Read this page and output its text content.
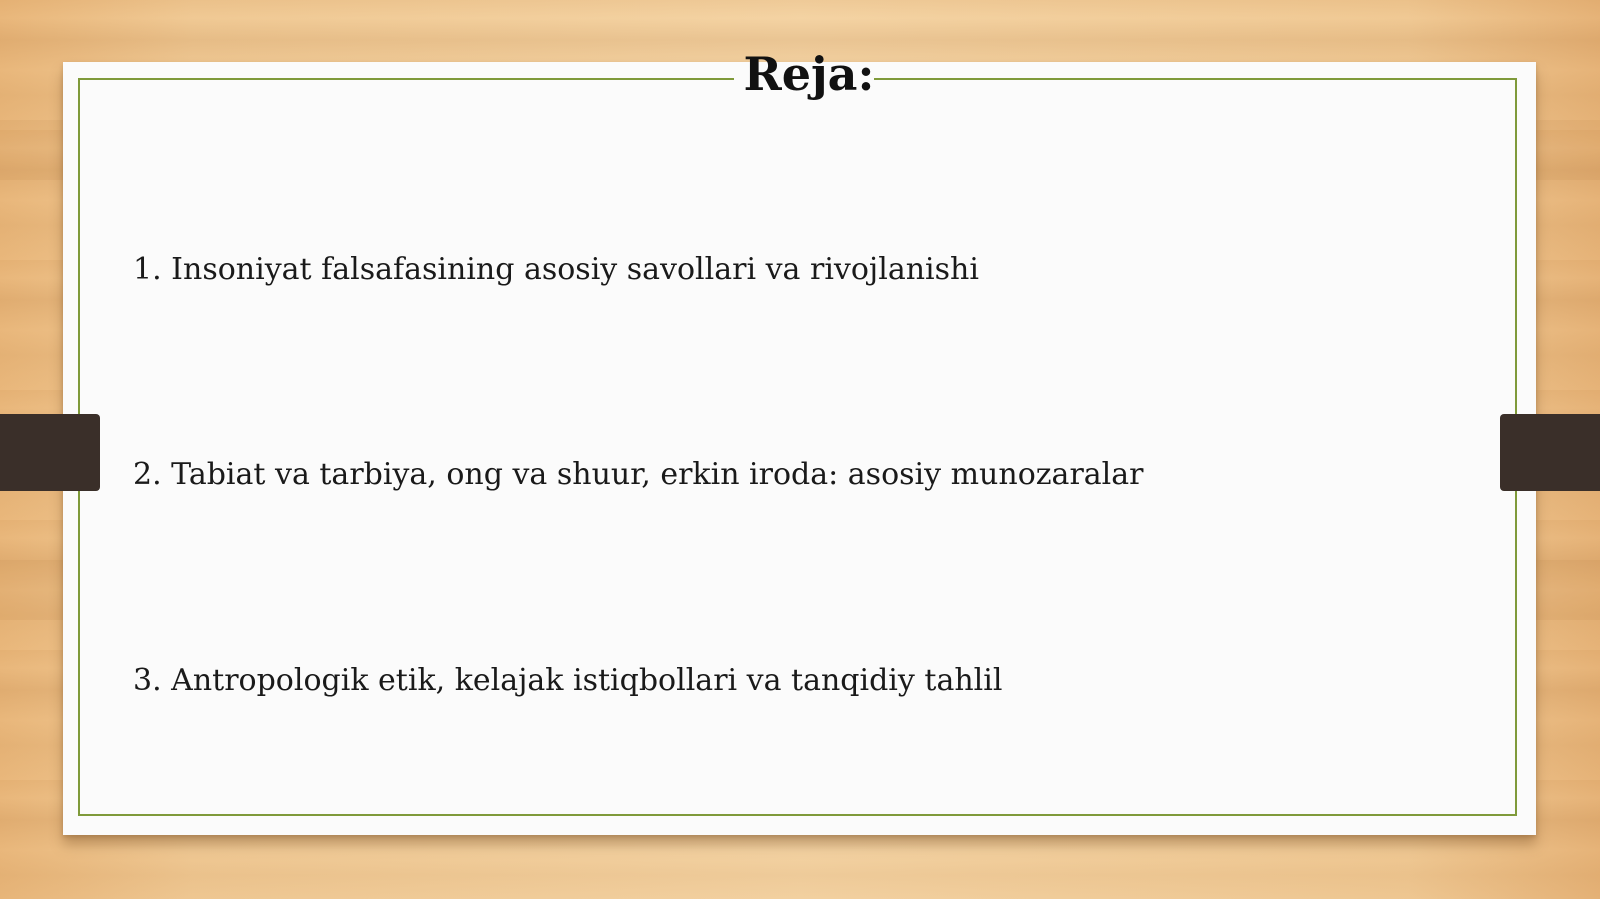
Reja:
1. Insoniyat falsafasining asosiy savollari va rivojlanishi
2. Tabiat va tarbiya, ong va shuur, erkin iroda: asosiy munozaralar
3. Antropologik etik, kelajak istiqbollari va tanqidiy tahlil
